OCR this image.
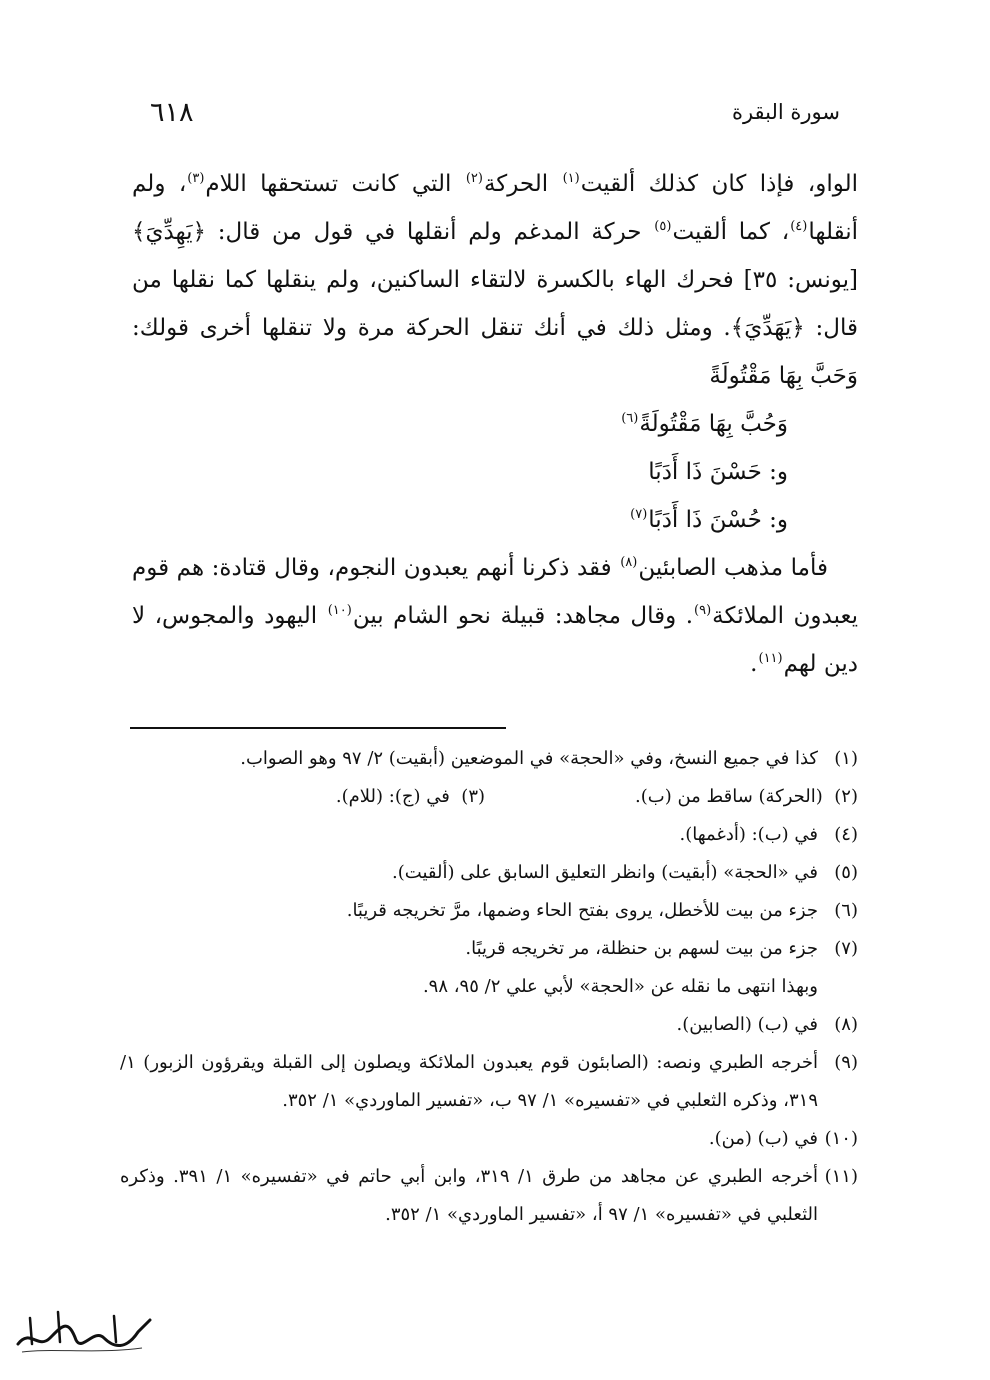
سورة البقرة
٦١٨

الواو، فإذا كان كذلك ألقيت$^{(١)}$ الحركة$^{(٢)}$ التي كانت تستحقها اللام$^{(٣)}$، ولم أنقلها$^{(٤)}$، كما ألقيت$^{(٥)}$ حركة المدغم ولم أنقلها في قول من قال: ﴿يَهِدِّيَ﴾ [يونس: ٣٥] فحرك الهاء بالكسرة لالتقاء الساكنين، ولم ينقلها كما نقلها من قال: ﴿يَهَدِّيَ﴾. ومثل ذلك في أنك تنقل الحركة مرة ولا تنقلها أخرى قولك: وَحَبَّ بِهَا مَقْتُولَةً

وَحُبَّ بِهَا مَقْتُولَةً$^{(٦)}$

و: حَسْنَ ذَا أَدَبًا

و: حُسْنَ ذَا أَدَبًا$^{(٧)}$

فأما مذهب الصابئين$^{(٨)}$ فقد ذكرنا أنهم يعبدون النجوم، وقال قتادة: هم قوم يعبدون الملائكة$^{(٩)}$. وقال مجاهد: قبيلة نحو الشام بين$^{(١٠)}$ اليهود والمجوس، لا دين لهم$^{(١١)}$.

(١)
كذا في جميع النسخ، وفي «الحجة» في الموضعين (أبقيت) ٢/ ٩٧ وهو الصواب.
(٢)  (الحركة) ساقط من (ب).
(٣)  في (ج): (للام).
(٤)
في (ب): (أدغمها).
(٥)
في «الحجة» (أبقيت) وانظر التعليق السابق على (ألقيت).
(٦)
جزء من بيت للأخطل، يروى بفتح الحاء وضمها، مرَّ تخريجه قريبًا.
(٧)
جزء من بيت لسهم بن حنظلة، مر تخريجه قريبًا.
وبهذا انتهى ما نقله عن «الحجة» لأبي علي ٢/ ٩٥، ٩٨.
(٨)
في (ب) (الصابين).
(٩)
أخرجه الطبري ونصه: (الصابئون قوم يعبدون الملائكة ويصلون إلى القبلة ويقرؤون الزبور) ١/ ٣١٩، وذكره الثعلبي في «تفسيره» ١/ ٩٧ ب، «تفسير الماوردي» ١/ ٣٥٢.
(١٠)
في (ب) (من).
(١١)
أخرجه الطبري عن مجاهد من طرق ١/ ٣١٩، وابن أبي حاتم في «تفسيره» ١/ ٣٩١. وذكره الثعلبي في «تفسيره» ١/ ٩٧ أ، «تفسير الماوردي» ١/ ٣٥٢.
